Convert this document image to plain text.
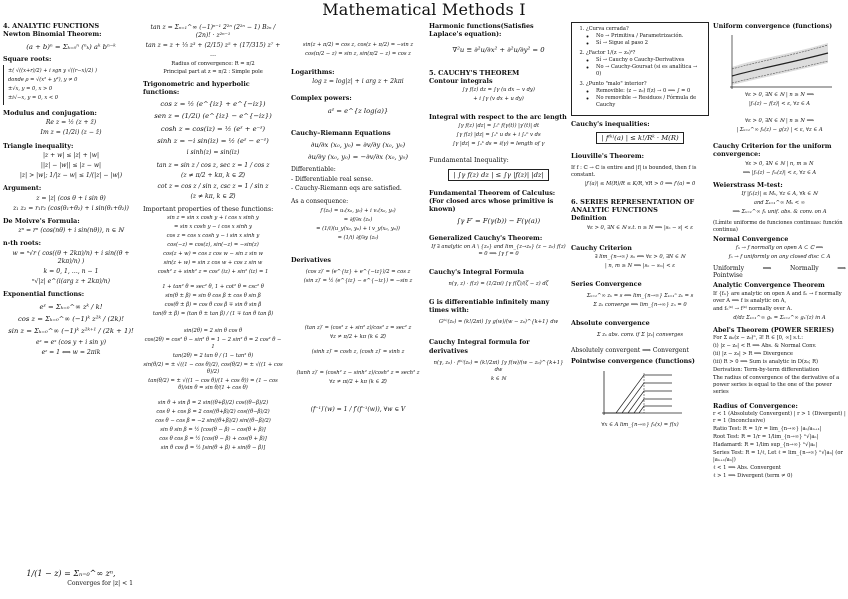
Mathematical Methods I
4. ANALYTIC FUNCTIONS
Newton Binomial Theorem:
(a + b)ⁿ = Σₖ₌₀ⁿ (ⁿₖ) aᵏ bⁿ⁻ᵏ
Square roots:
±( √((x+r)/2) + i sgn y √((r−x)/2) )
donde ρ = √(x² + y²), y ≠ 0
±√x, y = 0, x > 0
±i√−x, y = 0, x < 0
Modulus and conjugation:
Re z = ½ (z + z̄)
Im z = (1/2i) (z − z̄)
Triangle inequality:
|z + w| ≤ |z| + |w|
||z| − |w|| ≤ |z − w|
|z| > |w|; 1/|z − w| ≤ 1/(|z| − |w|)
Argument:
z = |z| (cos θ + i sin θ)
z₁ z₂ = r₁r₂ (cos(θ₁+θ₂) + i sin(θ₁+θ₂))
De Moivre's Formula:
zⁿ = rⁿ (cos(nθ) + i sin(nθ)), n ∈ ℕ
n-th roots:
w = ⁿ√r ( cos((θ + 2kπ)/n) + i sin((θ + 2kπ)/n) )
k = 0, 1, …, n − 1
ⁿ√|z| e^(i(arg z + 2kπ)/n)
Exponential functions:
eᶻ = Σₖ₌₀^∞ zᵏ / k!
cos z = Σₖ₌₀^∞ (−1)ᵏ z²ᵏ / (2k)!
sin z = Σₖ₌₀^∞ (−1)ᵏ z²ᵏ⁺¹ / (2k + 1)!
eᶻ = eˣ (cos y + i sin y)
eᶻ = 1 ⟺ w = 2πik
1/(1 − z) = Σₙ₌₀^∞ zⁿ,
Converges for |z| < 1
tan z = Σₙ₌₁^∞ (−1)ⁿ⁻¹ 2²ⁿ (2²ⁿ − 1) B₂ₙ / (2n)! · z²ⁿ⁻¹
tan z = z + ⅓ z³ + (2/15) z⁵ + (17/315) z⁷ + …
Radius of convergence: R = π/2
Principal part at z = π/2 : Simple pole
Trigonometric and hyperbolic functions:
cos z = ½ (e^{iz} + e^{−iz})
sen z = (1/2i) (e^{iz} − e^{−iz})
cosh z = cos(iz) = ½ (eᶻ + e⁻ᶻ)
sinh z = −i sin(iz) = ½ (eᶻ − e⁻ᶻ)
i sinh(z) = sin(iz)
tan z = sin z / cos z, sec z = 1 / cos z
(z ≠ π/2 + kπ, k ∈ ℤ)
cot z = cos z / sin z, csc z = 1 / sin z
(z ≠ kπ, k ∈ ℤ)
Important properties of these functions:
sin z = sin x cosh y + i cos x sinh y
= sin x cosh y − i cos x sinh y
cos z = cos x cosh y − i sin x sinh y
cos(−z) = cos(z), sin(−z) = −sin(z)
cos(z + w) = cos z cos w − sin z sin w
sin(z + w) = sin z cos w + cos z sin w
cosh² z + sinh² z = cos² (iz) + sin² (iz) = 1
1 + tan² θ = sec² θ, 1 + cot² θ = csc² θ
sin(θ ± β) = sin θ cos β ± cos θ sin β
cos(θ ± β) = cos θ cos β ∓ sin θ sin β
tan(θ ± β) = (tan θ ± tan β) / (1 ∓ tan θ tan β)
sin(2θ) = 2 sin θ cos θ
cos(2θ) = cos² θ − sin² θ = 1 − 2 sin² θ = 2 cos² θ − 1
tan(2θ) = 2 tan θ / (1 − tan² θ)
sin(θ/2) = ± √((1 − cos θ)/2), cos(θ/2) = ± √((1 + cos θ)/2)
tan(θ/2) = ± √((1 − cos θ)/(1 + cos θ)) = (1 − cos θ)/sin θ = sin θ/(1 + cos θ)
sin θ + sin β = 2 sin((θ+β)/2) cos((θ−β)/2)
cos θ + cos β = 2 cos((θ+β)/2) cos((θ−β)/2)
cos θ − cos β = −2 sin((θ+β)/2) sin((θ−β)/2)
sin θ sin β = ½ [cos(θ − β) − cos(θ + β)]
cos θ cos β = ½ [cos(θ − β) + cos(θ + β)]
sin θ cos β = ½ [sin(θ + β) + sin(θ − β)]
sin(z + π/2) = cos z, cos(z + π/2) = −sin z
cos(π/2 − z) = sin z, sin(π/2 − z) = cos z
Logarithms:
log z = log|z| + i arg z + 2kπi
Complex powers:
aᶻ = e^{z log(a)}
Cauchy–Riemann Equations
∂u/∂x (x₀, y₀) = ∂v/∂y (x₀, y₀)
∂u/∂y (x₀, y₀) = −∂v/∂x (x₀, y₀)
Differentiable:
- Differentiable real sense.
- Cauchy-Riemann eqs are satisfied.
As a consequence:
f′(z₀) = uₓ(x₀, y₀) + i vₓ(x₀, y₀)
= ∂f/∂x (z₀)
= (1/i)(u_y(x₀, y₀) + i v_y(x₀, y₀))
= (1/i) ∂f/∂y (z₀)
Derivatives
(cos z)′ = (e^{iz} + e^{−iz})/2 = cos z
(sin z)′ = ½ (e^{iz} − e^{−iz}) = −sin z
(tan z)′ = (cos² z + sin² z)/cos² z = sec² z
∀z ≠ π/2 + kπ (k ∈ ℤ)
(sinh z)′ = cosh z, (cosh z)′ = sinh z
(tanh z)′ = (cosh² z − sinh² z)/cosh² z = sech² z
∀z ≠ πi/2 + kπ (k ∈ ℤ)
(f⁻¹)′(w) = 1 / f′(f⁻¹(w)), ∀w ∈ V
Harmonic functions(Satisfies Laplace's equation):
∇²u ≡ ∂²u/∂x² + ∂²u/∂y² = 0
5. CAUCHY'S THEOREM
Contour integrals
∫γ f(z) dz = ∫γ (u dx − v dy)
+ i ∫γ (v dx + u dy)
Integral with respect to the arc length
∫γ f(z) |dz| = ∫ₐᵇ f(γ(t)) |γ′(t)| dt
∫γ f(z) |dz| = ∫ₐᵇ u ds + i ∫ₐᵇ v ds
∫γ |dz| = ∫ₐᵇ ds = ℓ(γ) = length of γ
Fundamental Inequality:
| ∫γ f(z) dz | ≤ ∫γ |f(z)| |dz|
Fundamental Theorem of Calculus: (For closed arcs whose primitive is known)
∫γ F′ = F(γ(b)) − F(γ(a))
Generalized Cauchy's Theorem:
If ∃ analytic on A \ {z₀} and lim_{z→z₀} (z − z₀) f(z) = 0 ⟹ ∫γ f = 0
Cauchy's Integral Formula
n(γ, z) · f(z) = (1/2πi) ∫γ f(ζ)/(ζ − z) dζ
G is differentiable infinitely many times with:
G⁽ᵏ⁾(z₀) = (k!/2πi) ∫γ g(w)/(w − z₀)^{k+1} dw
Cauchy Integral formula for derivatives
n(γ, z₀) · f⁽ᵏ⁾(z₀) = (k!/2πi) ∫γ f(w)/(w − z₀)^{k+1} dw
k ∈ ℕ
1. ¿Curva cerrada?
◦ No → Primitiva / Parametrización.
◦ Sí → Sigue al paso 2
2. ¿Factor 1/(z − z₀)ᵏ?
◦ Sí → Cauchy o Cauchy-Derivatives
◦ No → Cauchy-Goursat (si es analítica → 0)
3. ¿Punto "malo" interior?
◦ Removible: (z − z₀) f(z) → 0 ⟹ ∫ = 0
◦ No removible → Residuos / Fórmula de Cauchy
Cauchy's inequalities:
| f⁽ᵏ⁾(a) | ≤ k!/Rᵏ · M(R)
Liouville's Theorem:
If f : ℂ → ℂ is entire and |f| is bounded, then f is constant.
|f′(a)| ≤ M(R)/R ≤ K/R, ∀R > 0 ⟹ f′(a) = 0
6. SERIES REPRESENTATION OF ANALYTIC FUNCTIONS
Definition
∀ε > 0, ∃N ∈ ℕ s.t. n ≥ N ⟹ |sₙ − s| < ε
Cauchy Criterion
∃ lim_{n→∞} sₙ ⟺ ∀ε > 0, ∃N ∈ ℕ
| n, m ≥ N ⟹ |sₙ − sₘ| < ε
Series Convergence
Σₖ₌₁^∞ zₖ = s ⟺ lim_{n→∞} Σₖ₌₁ⁿ zₖ = s
Σ zₖ converge ⟹ lim_{n→∞} zₙ = 0
Absolute convergence
Σ zₖ abs. conv. if Σ |zₖ| converges
Absolutely convergent ⟹ Convergent
Pointwise convergence (functions)
∀x ∈ A lim_{n→∞} fₙ(x) = f(x)
Uniform convergence (functions)
∀ε > 0, ∃N ∈ ℕ | n ≥ N ⟹
|fₙ(z) − f(z)| < ε, ∀z ∈ A
∀ε > 0, ∃N ∈ ℕ | n ≥ N ⟹
| Σₖ₌₁^∞ fₖ(z) − g(z) | < ε, ∀z ∈ A
Cauchy Criterion for the uniform convergence:
∀ε > 0, ∃N ∈ ℕ | n, m ≥ N
⟹ |fₙ(z) − fₘ(z)| < ε, ∀z ∈ A
Weierstrass M-test:
If |fₖ(z)| ≤ Mₖ, ∀z ∈ A, ∀k ∈ ℕ
and Σₖ₌₁^∞ Mₖ < ∞
⟹ Σₖ₌₁^∞ fₖ unif. abs. & conv. on A
(Límite uniforme de funciones continuas: función continua)
Normal Convergence
fₙ → f normally on open A ⊂ ℂ ⟺
fₙ → f uniformly on any closed disc ⊂ A
Uniformly	⟹	Normally	⟹
Pointwise
Analytic Convergence Theorem
If {fₙ} are analytic on open A and fₙ → f normally over A ⟹ f is analytic on A,
and fₙ⁽ᵏ⁾ → f⁽ᵏ⁾ normally over A.
d/dz Σₖ₌₁^∞ gₖ = Σₖ₌₁^∞ gₖ′(z) in A
Abel's Theorem (POWER SERIES)
For Σ aₙ(z − z₀)ⁿ, ∃! R ∈ [0, ∞] s.t.:
(i) |z − z₀| < R ⟹ Abs. & Normal Conv.
(ii) |z − z₀| > R ⟹ Divergence
(iii) R > 0 ⟹ Sum is analytic in D(z₀; R)
Derivation: Term-by-term differentiation
The radius of convergence of the derivative of a power series is equal to the one of the power series
Radius of Convergence:
r < 1 (Absolutely Convergent) | r > 1 (Divergent) | r = 1 (Inconclusive)
Ratio Test: R = 1/r = lim_{n→∞} |aₙ/aₙ₊₁|
Root Test: R = 1/r = 1/lim_{n→∞} ⁿ√|aₙ|
Hadamard: R = 1/lim sup_{n→∞} ⁿ√|aₙ|
Series Test: R = 1/ℓ, Let ℓ = lim_{n→∞} ⁿ√|aₙ| (or |aₙ₊₁/aₙ|)
ℓ < 1 ⟹ Abs. Convergent
ℓ > 1 ⟹ Divergent (term ≠ 0)
